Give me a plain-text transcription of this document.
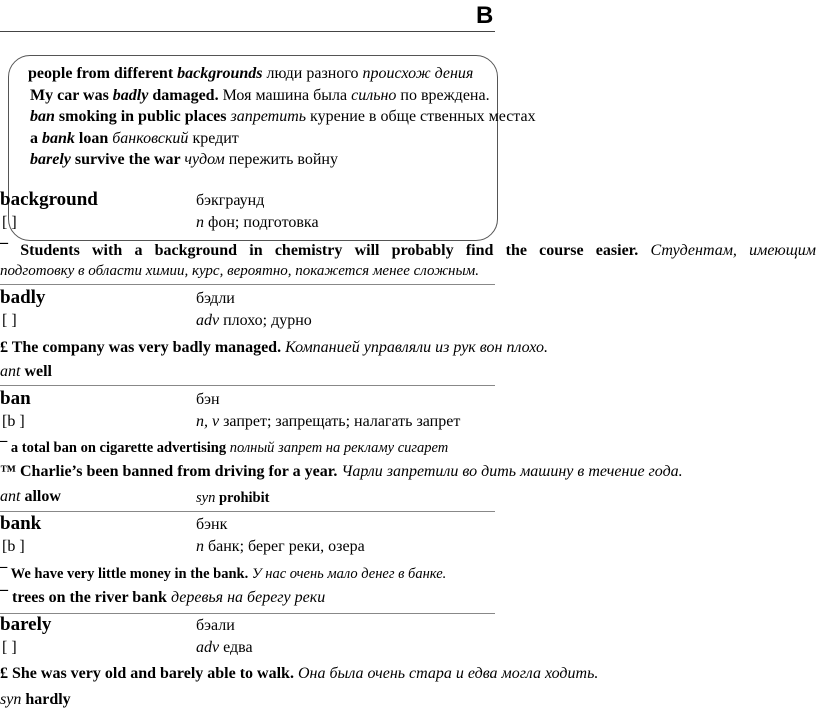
B
people from different backgrounds люди разного происхож дения
My car was badly damaged. Моя машина была сильно по вреждена.
ban smoking in public places запретить курение в обще ственных местах
a bank loan банковский кредит
barely survive the war чудом пережить войну
background	бэкграунд
[ ]	n фон; подготовка
¯ Students with a background in chemistry will probably find the course easier. Студентам, имеющим
подготовку в области химии, курс, вероятно, покажется менее сложным.
badly	бэдли
[ ]	adv плохо; дурно
£ The company was very badly managed. Компанией управляли из рук вон плохо.
ant well
ban	бэн
[b ]	n, v запрет; запрещать; налагать запрет
¯ a total ban on cigarette advertising полный запрет на рекламу сигарет
™ Charlie’s been banned from driving for a year. Чарли запретили во дить машину в течение года.
ant allow	syn prohibit
bank	бэнк
[b ]	n банк; берег реки, озера
¯ We have very little money in the bank. У нас очень мало денег в банке.
¯ trees on the river bank деревья на берегу реки
barely	бэали
[ ]	adv едва
£ She was very old and barely able to walk. Она была очень стара и едва могла ходить.
syn hardly
